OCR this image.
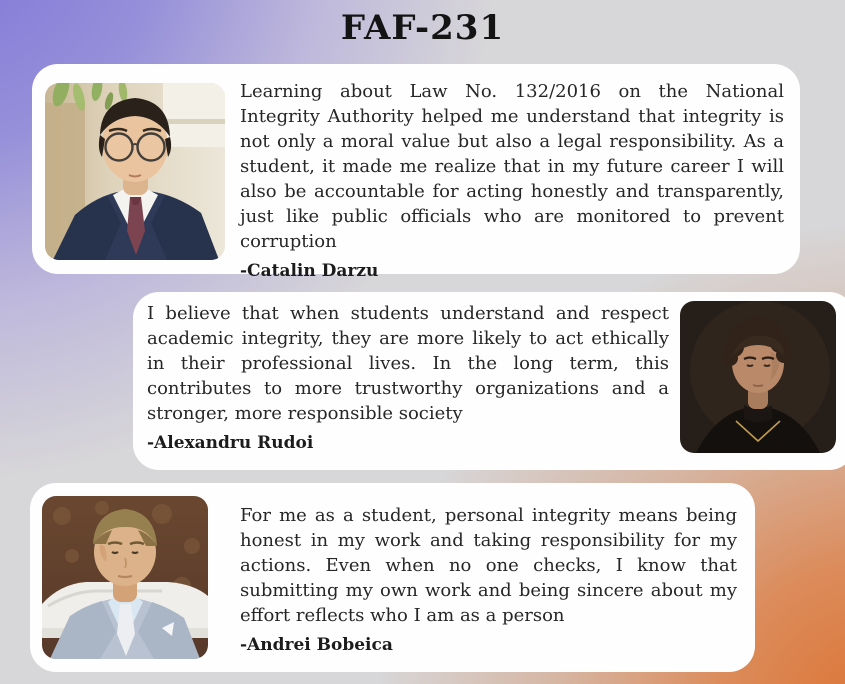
FAF-231

Learning about Law No. 132/2016 on the National Integrity Authority helped me understand that integrity is not only a moral value but also a legal responsibility. As a student, it made me realize that in my future career I will also be accountable for acting honestly and transparently, just like public officials who are monitored to prevent corruption

-Catalin Darzu

I believe that when students understand and respect academic integrity, they are more likely to act ethically in their professional lives. In the long term, this contributes to more trustworthy organizations and a stronger, more responsible society

-Alexandru Rudoi

For me as a student, personal integrity means being honest in my work and taking responsibility for my actions. Even when no one checks, I know that submitting my own work and being sincere about my effort reflects who I am as a person

-Andrei Bobeica
